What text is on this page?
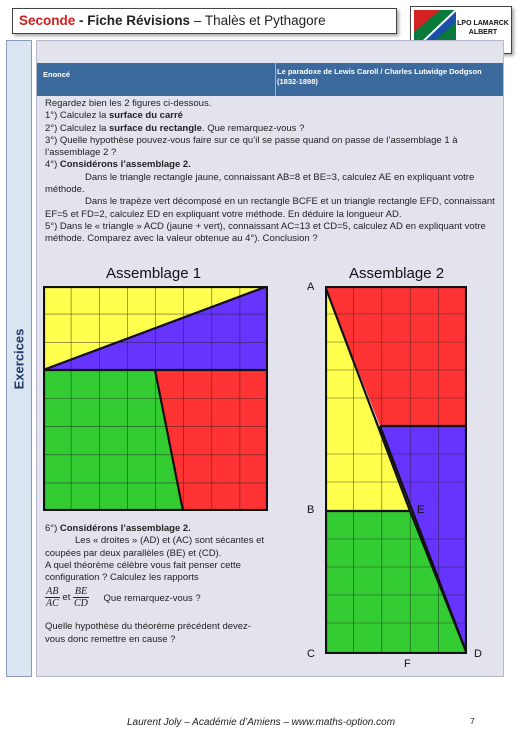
Seconde - Fiche Révisions – Thalès et Pythagore	LPO LAMARCK
ALBERT
Exercices
Enoncé	Le paradoxe de Lewis Caroll / Charles Lutwidge Dodgson (1832-1898)
Regardez bien les 2 figures ci-dessous.
1°) Calculez la surface du carré
2°) Calculez la surface du rectangle. Que remarquez-vous ?
3°) Quelle hypothèse pouvez-vous faire sur ce qu’il se passe quand on passe de l’assemblage 1 à l’assemblage 2 ?
4°) Considérons l’assemblage 2.
Dans le triangle rectangle jaune, connaissant AB=8 et BE=3, calculez AE en expliquant votre méthode.
Dans le trapèze vert décomposé en un rectangle BCFE et un triangle rectangle EFD, connaissant EF=5 et FD=2, calculez ED en expliquant votre méthode. En déduire la longueur AD.
5°) Dans le « triangle » ACD (jaune + vert), connaissant AC=13 et CD=5, calculez AD en expliquant votre méthode. Comparez avec la valeur obtenue au 4°). Conclusion ?
Assemblage 1	Assemblage 2
A
B
C	D
E
F
6°) Considérons l’assemblage 2.
Les « droites » (AD) et (AC) sont sécantes et coupées par deux parallèles (BE) et (CD).
A quel théorème célèbre vous fait penser cette configuration ? Calculez les rapports
$\frac{AB}{AC}$ et $\frac{BE}{CD}$ Que remarquez-vous ?
Quelle hypothèse du théorème précédent devez-vous donc remettre en cause ?
Laurent Joly – Académie d’Amiens – www.maths-option.com	7
